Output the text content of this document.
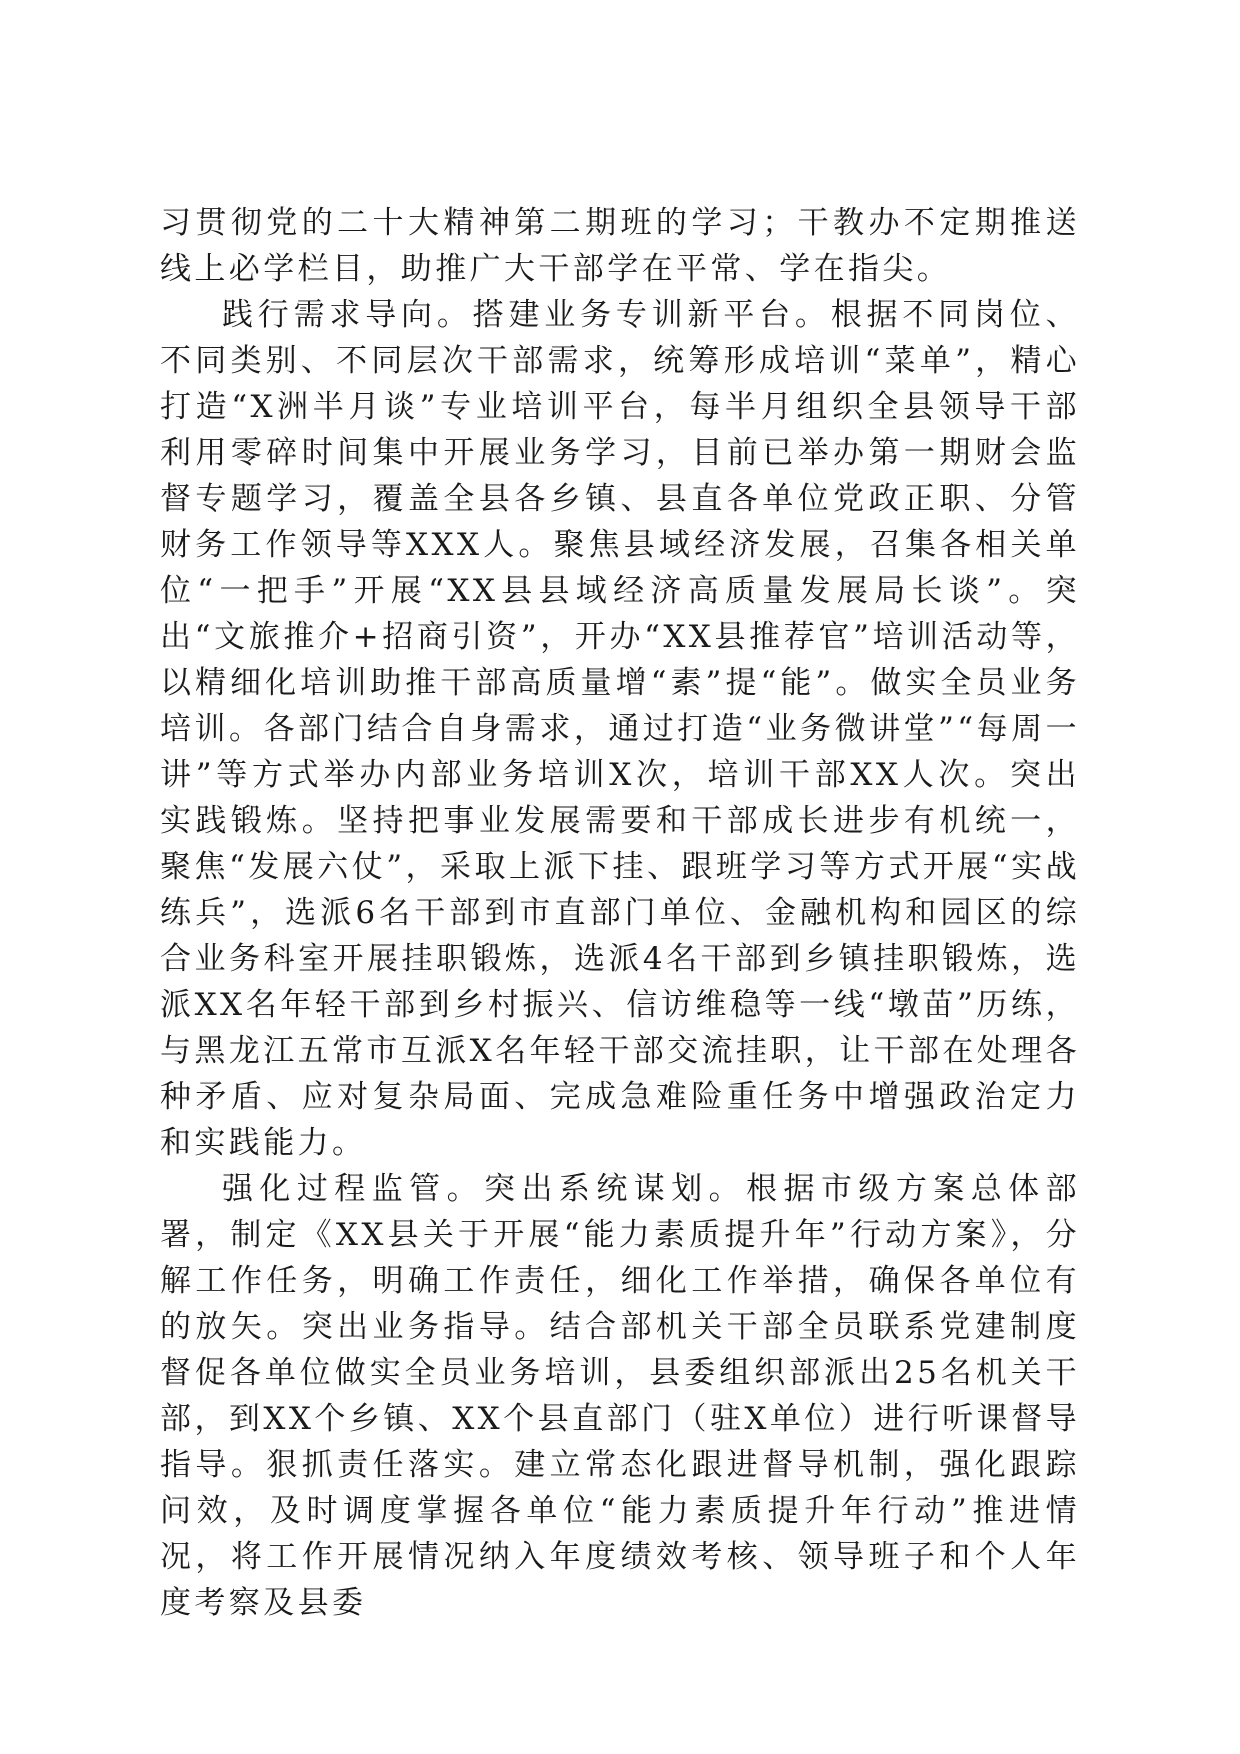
习贯彻党的二十大精神第二期班的学习；干教办不定期推送线上必学栏目，助推广大干部学在平常、学在指尖。

践行需求导向。搭建业务专训新平台。根据不同岗位、不同类别、不同层次干部需求，统筹形成培训“菜单”，精心打造“X洲半月谈”专业培训平台，每半月组织全县领导干部利用零碎时间集中开展业务学习，目前已举办第一期财会监督专题学习，覆盖全县各乡镇、县直各单位党政正职、分管财务工作领导等XXX人。聚焦县域经济发展，召集各相关单位“一把手”开展“XX县县域经济高质量发展局长谈”。突出“文旅推介+招商引资”，开办“XX县推荐官”培训活动等，以精细化培训助推干部高质量增“素”提“能”。做实全员业务培训。各部门结合自身需求，通过打造“业务微讲堂”“每周一讲”等方式举办内部业务培训X次，培训干部XX人次。突出实践锻炼。坚持把事业发展需要和干部成长进步有机统一，聚焦“发展六仗”，采取上派下挂、跟班学习等方式开展“实战练兵”，选派6名干部到市直部门单位、金融机构和园区的综合业务科室开展挂职锻炼，选派4名干部到乡镇挂职锻炼，选派XX名年轻干部到乡村振兴、信访维稳等一线“墩苗”历练，与黑龙江五常市互派X名年轻干部交流挂职，让干部在处理各种矛盾、应对复杂局面、完成急难险重任务中增强政治定力和实践能力。

强化过程监管。突出系统谋划。根据市级方案总体部署，制定《XX县关于开展“能力素质提升年”行动方案》，分解工作任务，明确工作责任，细化工作举措，确保各单位有的放矢。突出业务指导。结合部机关干部全员联系党建制度督促各单位做实全员业务培训，县委组织部派出25名机关干部，到XX个乡镇、XX个县直部门（驻X单位）进行听课督导指导。狠抓责任落实。建立常态化跟进督导机制，强化跟踪问效，及时调度掌握各单位“能力素质提升年行动”推进情况，将工作开展情况纳入年度绩效考核、领导班子和个人年度考察及县委
